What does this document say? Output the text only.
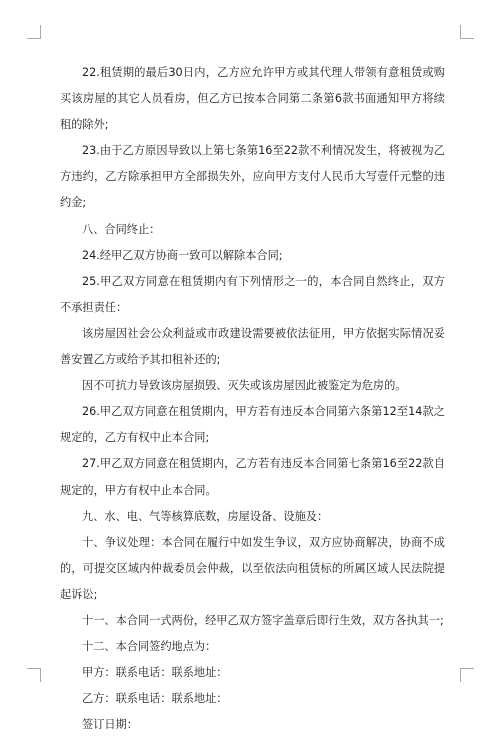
22.租赁期的最后30日内，乙方应允许甲方或其代理人带领有意租赁或购买该房屋的其它人员看房，但乙方已按本合同第二条第6款书面通知甲方将续租的除外;

23.由于乙方原因导致以上第七条第16至22款不利情况发生，将被视为乙方违约，乙方除承担甲方全部损失外，应向甲方支付人民币大写壹仟元整的违约金;

八、合同终止：

24.经甲乙双方协商一致可以解除本合同;

25.甲乙双方同意在租赁期内有下列情形之一的，本合同自然终止，双方不承担责任：

该房屋因社会公众利益或市政建设需要被依法征用，甲方依据实际情况妥善安置乙方或给予其扣租补还的;

因不可抗力导致该房屋损毁、灭失或该房屋因此被鉴定为危房的。

26.甲乙双方同意在租赁期内，甲方若有违反本合同第六条第12至14款之规定的，乙方有权中止本合同;

27.甲乙双方同意在租赁期内，乙方若有违反本合同第七条第16至22款自规定的，甲方有权中止本合同。

九、水、电、气等核算底数，房屋设备、设施及：

十、争议处理：本合同在履行中如发生争议，双方应协商解决，协商不成的，可提交区域内仲裁委员会仲裁，以至依法向租赁标的所属区域人民法院提起诉讼;

十一、本合同一式两份，经甲乙双方签字盖章后即行生效，双方各执其一;

十二、本合同签约地点为：

甲方：联系电话：联系地址：

乙方：联系电话：联系地址：

签订日期：
